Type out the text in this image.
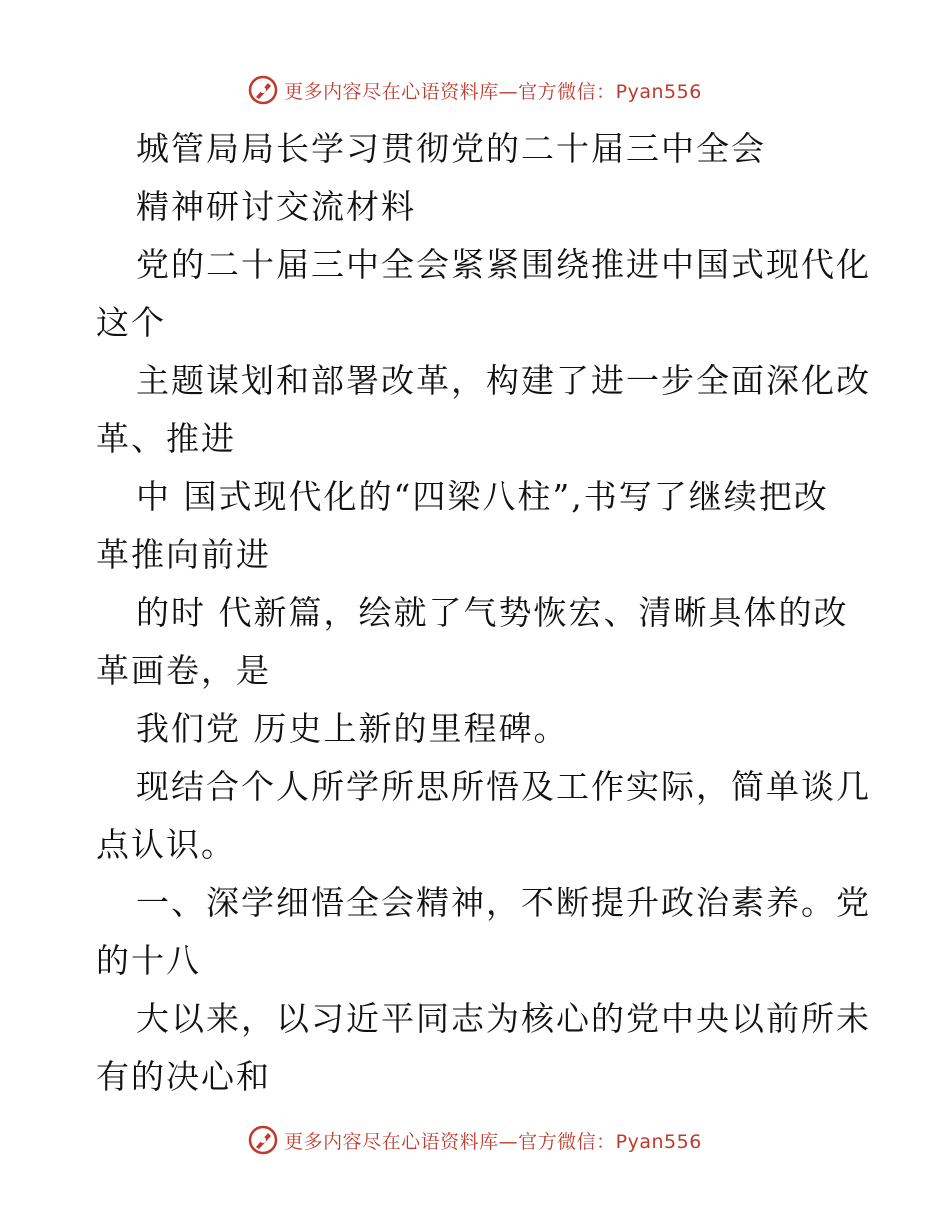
更多内容尽在心语资料库—官方微信：Pyan556
城管局局长学习贯彻党的二十届三中全会
精神研讨交流材料
党的二十届三中全会紧紧围绕推进中国式现代化
这个
主题谋划和部署改革，构建了进一步全面深化改
革、推进
中 国式现代化的“四梁八柱”,书写了继续把改
革推向前进
的时 代新篇，绘就了气势恢宏、清晰具体的改
革画卷，是
我们党 历史上新的里程碑。
现结合个人所学所思所悟及工作实际，简单谈几
点认识。
一、深学细悟全会精神，不断提升政治素养。党
的十八
大以来，以习近平同志为核心的党中央以前所未
有的决心和
更多内容尽在心语资料库—官方微信：Pyan556
